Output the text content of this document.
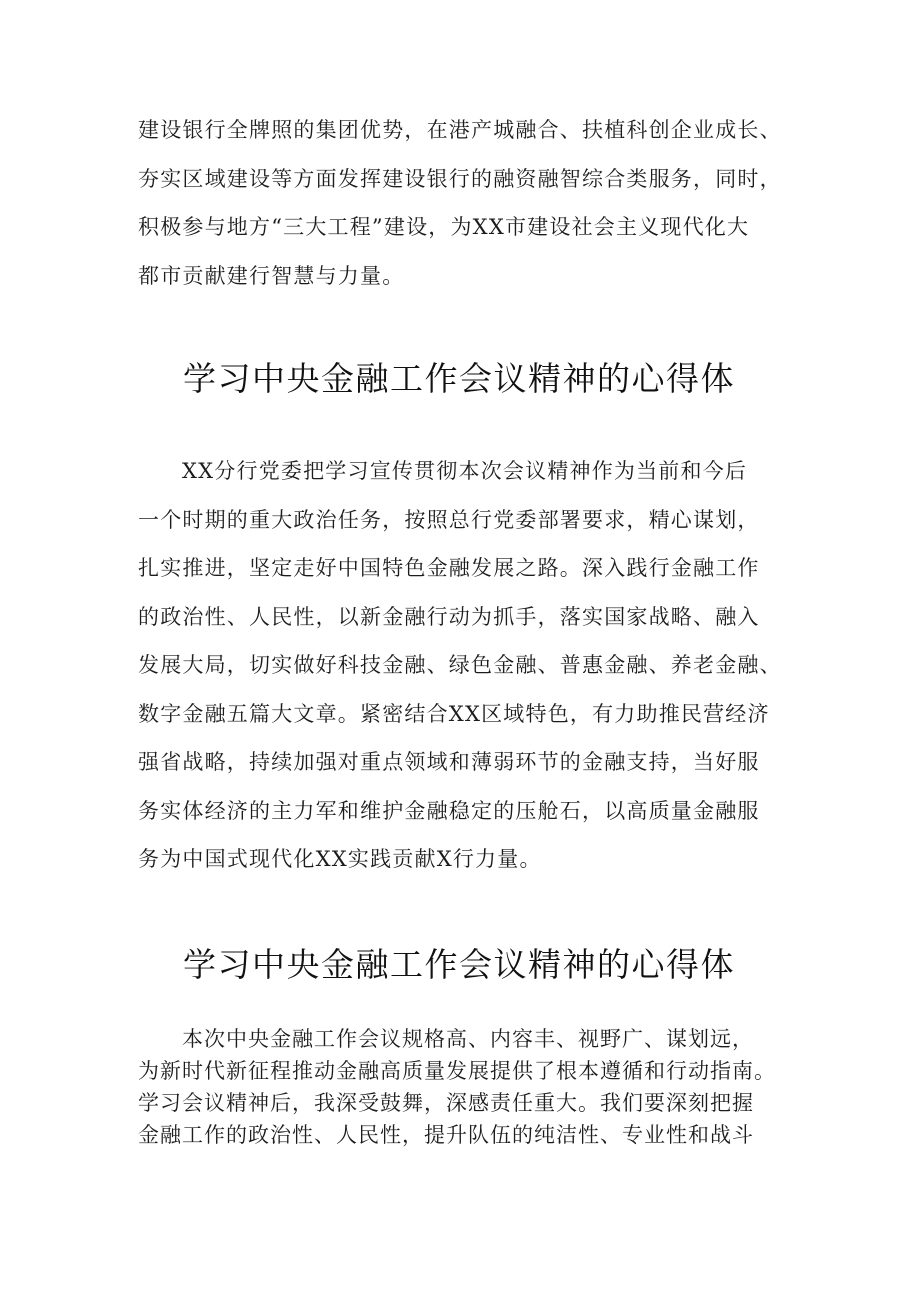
建设银行全牌照的集团优势，在港产城融合、扶植科创企业成长、
夯实区域建设等方面发挥建设银行的融资融智综合类服务，同时，
积极参与地方“三大工程”建设，为XX市建设社会主义现代化大
都市贡献建行智慧与力量。
学习中央金融工作会议精神的心得体
XX分行党委把学习宣传贯彻本次会议精神作为当前和今后
一个时期的重大政治任务，按照总行党委部署要求，精心谋划，
扎实推进，坚定走好中国特色金融发展之路。深入践行金融工作
的政治性、人民性，以新金融行动为抓手，落实国家战略、融入
发展大局，切实做好科技金融、绿色金融、普惠金融、养老金融、
数字金融五篇大文章。紧密结合XX区域特色，有力助推民营经济
强省战略，持续加强对重点领域和薄弱环节的金融支持，当好服
务实体经济的主力军和维护金融稳定的压舱石，以高质量金融服
务为中国式现代化XX实践贡献X行力量。
学习中央金融工作会议精神的心得体
本次中央金融工作会议规格高、内容丰、视野广、谋划远，
为新时代新征程推动金融高质量发展提供了根本遵循和行动指南。
学习会议精神后，我深受鼓舞，深感责任重大。我们要深刻把握
金融工作的政治性、人民性，提升队伍的纯洁性、专业性和战斗
